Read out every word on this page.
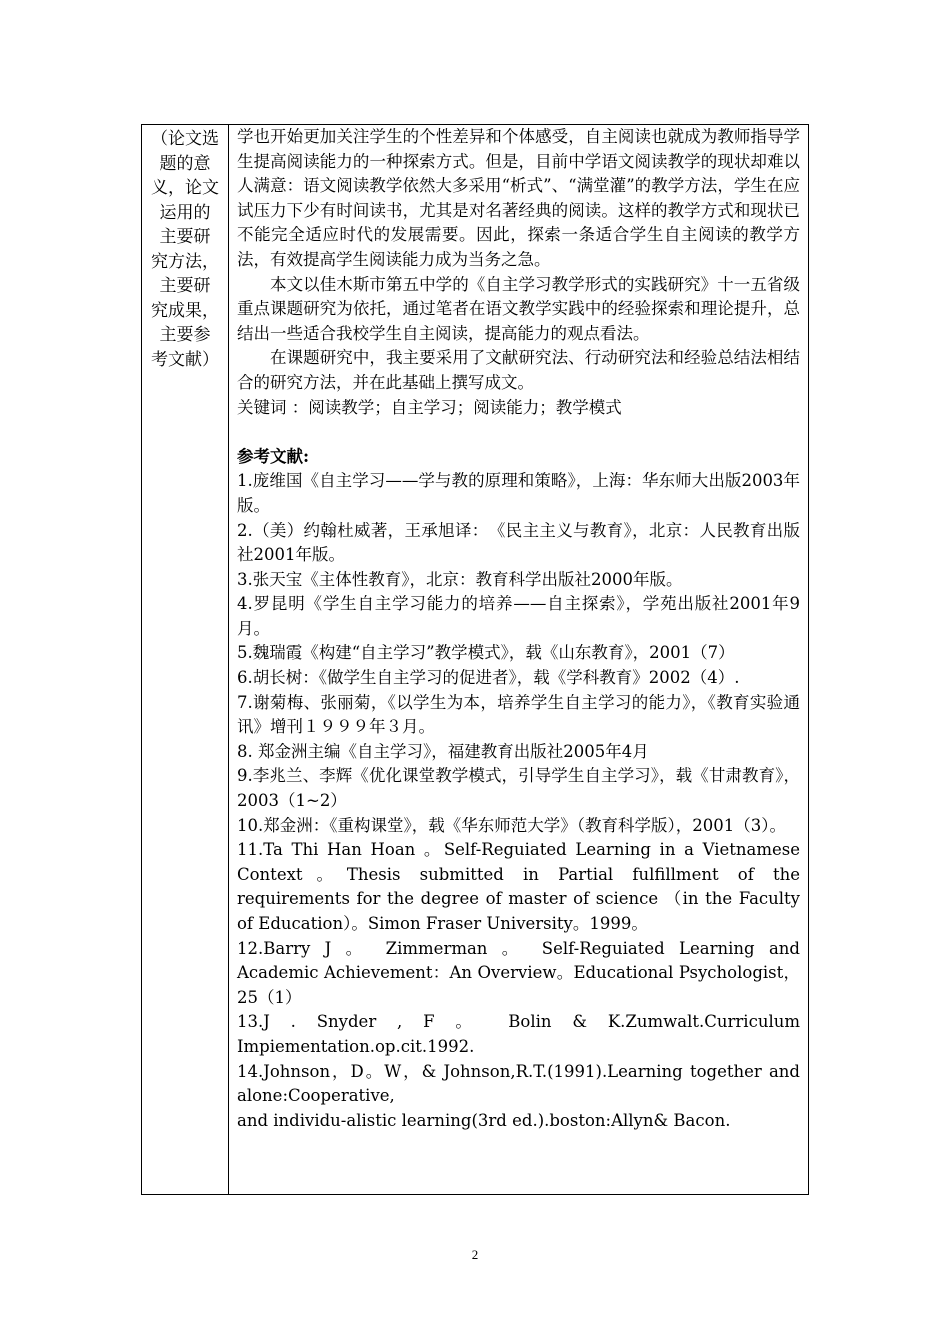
（论文选
题的意
义，论文
运用的
主要研
究方法，
主要研
究成果，
主要参
考文献）

学也开始更加关注学生的个性差异和个体感受，自主阅读也就成为教师指导学生提高阅读能力的一种探索方式。但是，目前中学语文阅读教学的现状却难以人满意：语文阅读教学依然大多采用“析式”、“满堂灌”的教学方法，学生在应试压力下少有时间读书，尤其是对名著经典的阅读。这样的教学方式和现状已不能完全适应时代的发展需要。因此，探索一条适合学生自主阅读的教学方法，有效提高学生阅读能力成为当务之急。

本文以佳木斯市第五中学的《自主学习教学形式的实践研究》十一五省级重点课题研究为依托，通过笔者在语文教学实践中的经验探索和理论提升，总结出一些适合我校学生自主阅读，提高能力的观点看法。

在课题研究中，我主要采用了文献研究法、行动研究法和经验总结法相结合的研究方法，并在此基础上撰写成文。

关键词 ：阅读教学；自主学习；阅读能力；教学模式

参考文献:

1.庞维国《自主学习——学与教的原理和策略》，上海：华东师大出版2003年版。

2.（美）约翰杜威著，王承旭译：　《民主主义与教育》，北京：人民教育出版社2001年版。

3.张天宝《主体性教育》，北京：教育科学出版社2000年版。

4.罗昆明《学生自主学习能力的培养——自主探索》，学苑出版社2001年9月。

5.魏瑞霞《构建“自主学习”教学模式》，载《山东教育》，2001（7）

6.胡长树：《做学生自主学习的促进者》，载《学科教育》2002（4）.

7.谢菊梅、张丽菊，《以学生为本，培养学生自主学习的能力》，《教育实验通讯》增刊１９９９年３月。

8. 郑金洲主编《自主学习》，福建教育出版社2005年4月

9.李兆兰、李辉《优化课堂教学模式，引导学生自主学习》，载《甘肃教育》，2003（1~2）

10.郑金洲：《重构课堂》，载《华东师范大学》（教育科学版），2001（3）。

11.Ta Thi Han Hoan 。Self-Reguiated Learning in a Vietnamese Context。Thesis submitted in Partial fulfillment of the requirements for the degree of master of science （in the Faculty of Education）。Simon Fraser University。1999。

12.Barry J 。 Zimmerman 。 Self-Reguiated Learning and Academic Achievement：An Overview。Educational Psychologist，25（1）

13.J . Snyder , F 。 Bolin & K.Zumwalt.Curriculum Impiementation.op.cit.1992.

14.Johnson，D。W，& Johnson,R.T.(1991).Learning together and alone:Cooperative,

and individu-alistic learning(3rd ed.).boston:Allyn& Bacon.

2
